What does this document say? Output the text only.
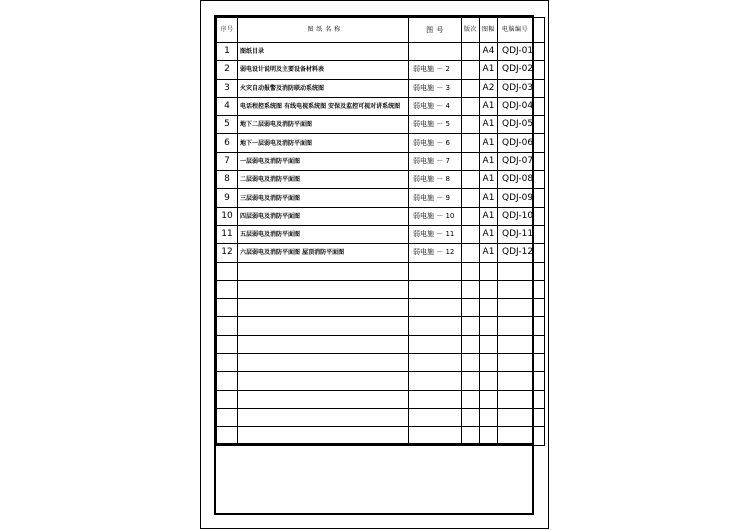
序号	图 纸 名 称	图 号	版次	图幅	电脑编号
1	图纸目录			A4	QDJ-01
2	弱电设计说明及主要设备材料表	弱电施 － 2		A1	QDJ-02
3	火灾自动报警及消防联动系统图	弱电施 － 3		A2	QDJ-03
4	电话程控系统图 有线电视系统图 安保及监控可视对讲系统图	弱电施 － 4		A1	QDJ-04
5	地下二层弱电及消防平面图	弱电施 － 5		A1	QDJ-05
6	地下一层弱电及消防平面图	弱电施 － 6		A1	QDJ-06
7	一层弱电及消防平面图	弱电施 － 7		A1	QDJ-07
8	二层弱电及消防平面图	弱电施 － 8		A1	QDJ-08
9	三层弱电及消防平面图	弱电施 － 9		A1	QDJ-09
10	四层弱电及消防平面图	弱电施 － 10		A1	QDJ-10
11	五层弱电及消防平面图	弱电施 － 11		A1	QDJ-11
12	六层弱电及消防平面图 屋顶消防平面图	弱电施 － 12		A1	QDJ-12
